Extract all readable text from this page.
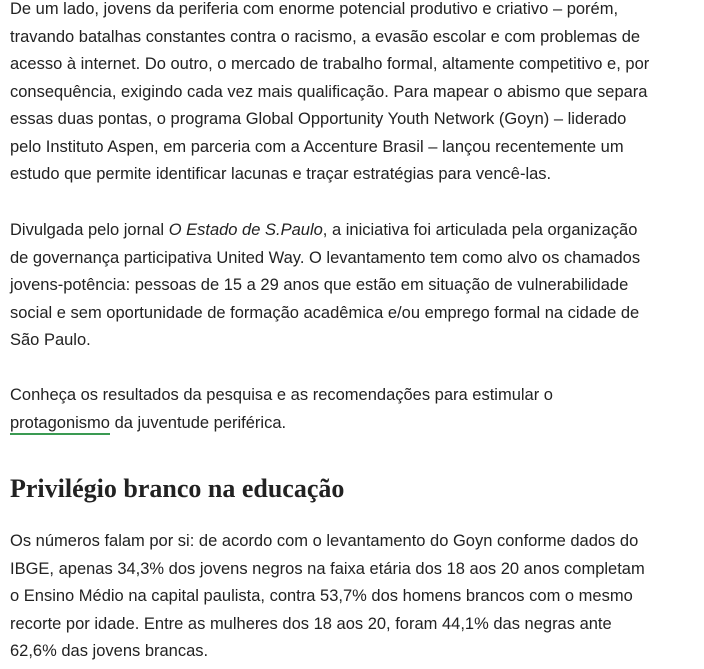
De um lado, jovens da periferia com enorme potencial produtivo e criativo – porém,
travando batalhas constantes contra o racismo, a evasão escolar e com problemas de
acesso à internet. Do outro, o mercado de trabalho formal, altamente competitivo e, por
consequência, exigindo cada vez mais qualificação. Para mapear o abismo que separa
essas duas pontas, o programa Global Opportunity Youth Network (Goyn) – liderado
pelo Instituto Aspen, em parceria com a Accenture Brasil – lançou recentemente um
estudo que permite identificar lacunas e traçar estratégias para vencê-las.

Divulgada pelo jornal O Estado de S.Paulo, a iniciativa foi articulada pela organização
de governança participativa United Way. O levantamento tem como alvo os chamados
jovens-potência: pessoas de 15 a 29 anos que estão em situação de vulnerabilidade
social e sem oportunidade de formação acadêmica e/ou emprego formal na cidade de
São Paulo.

Conheça os resultados da pesquisa e as recomendações para estimular o
protagonismo da juventude periférica.

Privilégio branco na educação

Os números falam por si: de acordo com o levantamento do Goyn conforme dados do
IBGE, apenas 34,3% dos jovens negros na faixa etária dos 18 aos 20 anos completam
o Ensino Médio na capital paulista, contra 53,7% dos homens brancos com o mesmo
recorte por idade. Entre as mulheres dos 18 aos 20, foram 44,1% das negras ante
62,6% das jovens brancas.
